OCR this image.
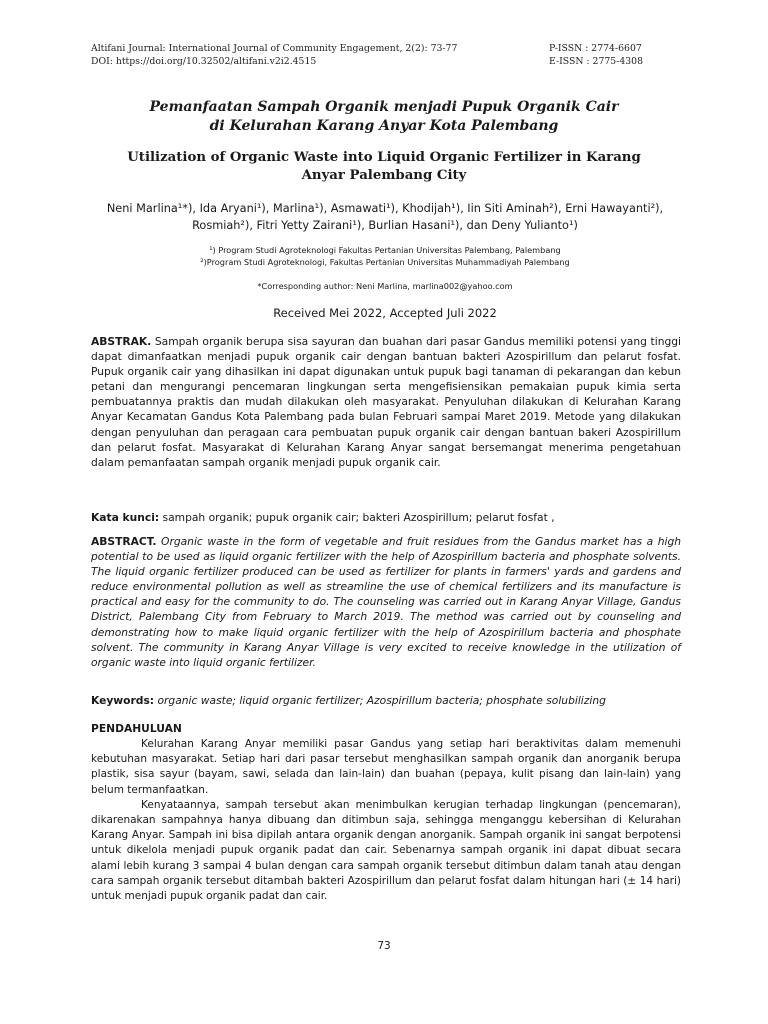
Altifani Journal: International Journal of Community Engagement, 2(2): 73-77	P-ISSN : 2774-6607
DOI: https://doi.org/10.32502/altifani.v2i2.4515	E-ISSN : 2775-4308
Pemanfaatan Sampah Organik menjadi Pupuk Organik Cair
di Kelurahan Karang Anyar Kota Palembang
Utilization of Organic Waste into Liquid Organic Fertilizer in Karang
Anyar Palembang City
Neni Marlina¹*), Ida Aryani¹), Marlina¹), Asmawati¹), Khodijah¹), Iin Siti Aminah²), Erni Hawayanti²), Rosmiah²), Fitri Yetty Zairani¹), Burlian Hasani¹), dan Deny Yulianto¹)
¹) Program Studi Agroteknologi Fakultas Pertanian Universitas Palembang, Palembang
²)Program Studi Agroteknologi, Fakultas Pertanian Universitas Muhammadiyah Palembang
*Corresponding author: Neni Marlina, marlina002@yahoo.com
Received Mei 2022, Accepted Juli 2022
ABSTRAK. Sampah organik berupa sisa sayuran dan buahan dari pasar Gandus memiliki potensi yang tinggi dapat dimanfaatkan menjadi pupuk organik cair dengan bantuan bakteri Azospirillum dan pelarut fosfat. Pupuk organik cair yang dihasilkan ini dapat digunakan untuk pupuk bagi tanaman di pekarangan dan kebun petani dan mengurangi pencemaran lingkungan serta mengefisiensikan pemakaian pupuk kimia serta pembuatannya praktis dan mudah dilakukan oleh masyarakat. Penyuluhan dilakukan di Kelurahan Karang Anyar Kecamatan Gandus Kota Palembang pada bulan Februari sampai Maret 2019. Metode yang dilakukan dengan penyuluhan dan peragaan cara pembuatan pupuk organik cair dengan bantuan bakeri Azospirillum dan pelarut fosfat. Masyarakat di Kelurahan Karang Anyar sangat bersemangat menerima pengetahuan dalam pemanfaatan sampah organik menjadi pupuk organik cair.
Kata kunci: sampah organik; pupuk organik cair; bakteri Azospirillum; pelarut fosfat ,
ABSTRACT. Organic waste in the form of vegetable and fruit residues from the Gandus market has a high potential to be used as liquid organic fertilizer with the help of Azospirillum bacteria and phosphate solvents. The liquid organic fertilizer produced can be used as fertilizer for plants in farmers' yards and gardens and reduce environmental pollution as well as streamline the use of chemical fertilizers and its manufacture is practical and easy for the community to do. The counseling was carried out in Karang Anyar Village, Gandus District, Palembang City from February to March 2019. The method was carried out by counseling and demonstrating how to make liquid organic fertilizer with the help of Azospirillum bacteria and phosphate solvent. The community in Karang Anyar Village is very excited to receive knowledge in the utilization of organic waste into liquid organic fertilizer.
Keywords: organic waste; liquid organic fertilizer; Azospirillum bacteria; phosphate solubilizing
PENDAHULUAN

Kelurahan Karang Anyar memiliki pasar Gandus yang setiap hari beraktivitas dalam memenuhi kebutuhan masyarakat. Setiap hari dari pasar tersebut menghasilkan sampah organik dan anorganik berupa plastik, sisa sayur (bayam, sawi, selada dan lain-lain) dan buahan (pepaya, kulit pisang dan lain-lain) yang belum termanfaatkan.

Kenyataannya, sampah tersebut akan menimbulkan kerugian terhadap lingkungan (pencemaran), dikarenakan sampahnya hanya dibuang dan ditimbun saja, sehingga menganggu kebersihan di Kelurahan Karang Anyar. Sampah ini bisa dipilah antara organik dengan anorganik. Sampah organik ini sangat berpotensi untuk dikelola menjadi pupuk organik padat dan cair. Sebenarnya sampah organik ini dapat dibuat secara alami lebih kurang 3 sampai 4 bulan dengan cara sampah organik tersebut ditimbun dalam tanah atau dengan cara sampah organik tersebut ditambah bakteri Azospirillum dan pelarut fosfat dalam hitungan hari (± 14 hari) untuk menjadi pupuk organik padat dan cair.

73
